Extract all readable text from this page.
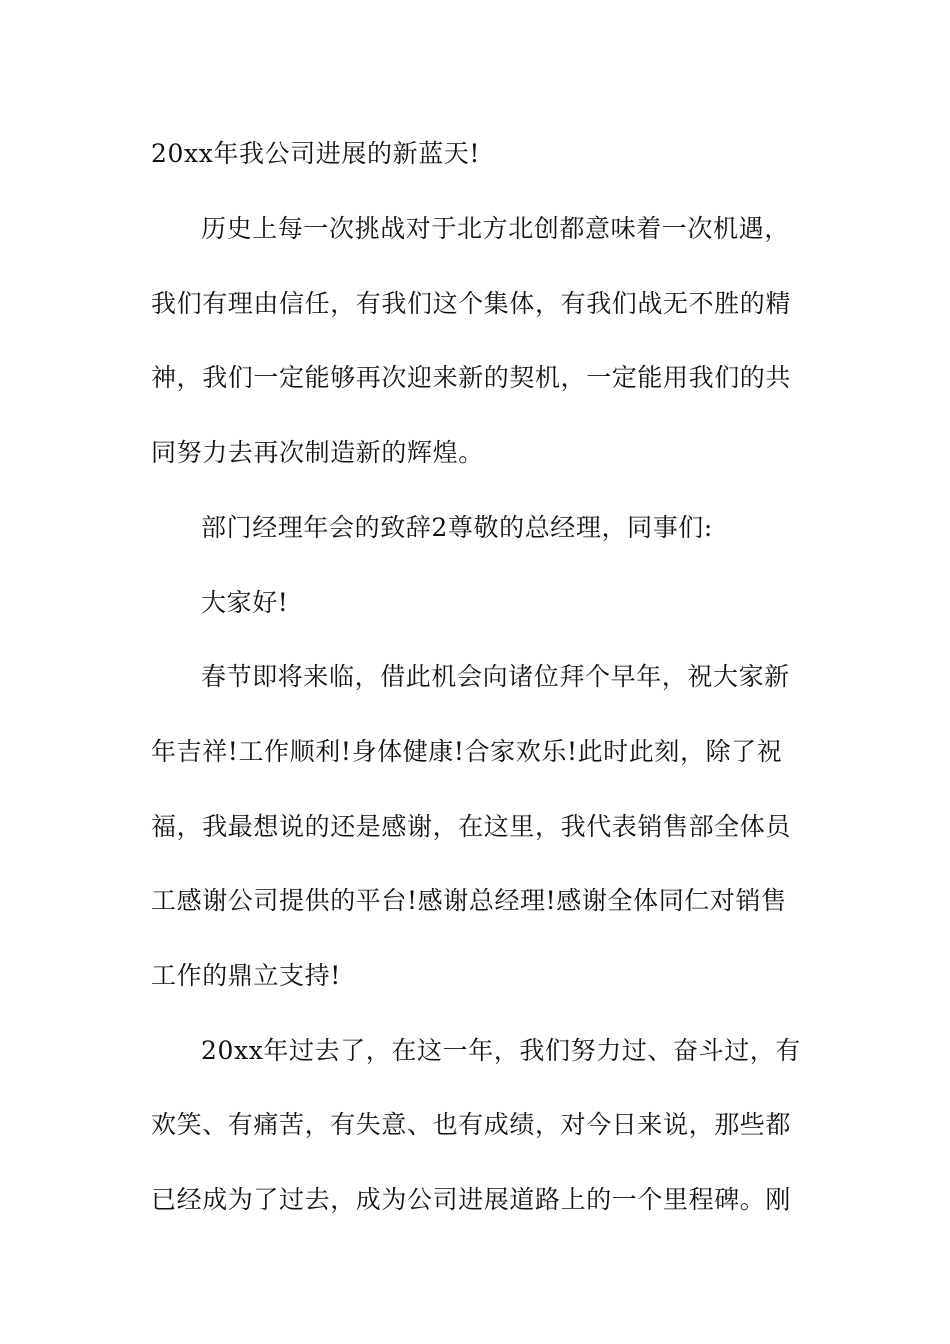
20xx年我公司进展的新蓝天!
历史上每一次挑战对于北方北创都意味着一次机遇，
我们有理由信任，有我们这个集体，有我们战无不胜的精
神，我们一定能够再次迎来新的契机，一定能用我们的共
同努力去再次制造新的辉煌。
部门经理年会的致辞2尊敬的总经理，同事们:
大家好!
春节即将来临，借此机会向诸位拜个早年，祝大家新
年吉祥!工作顺利!身体健康!合家欢乐!此时此刻，除了祝
福，我最想说的还是感谢，在这里，我代表销售部全体员
工感谢公司提供的平台!感谢总经理!感谢全体同仁对销售
工作的鼎立支持!
20xx年过去了，在这一年，我们努力过、奋斗过，有
欢笑、有痛苦，有失意、也有成绩，对今日来说，那些都
已经成为了过去，成为公司进展道路上的一个里程碑。刚
